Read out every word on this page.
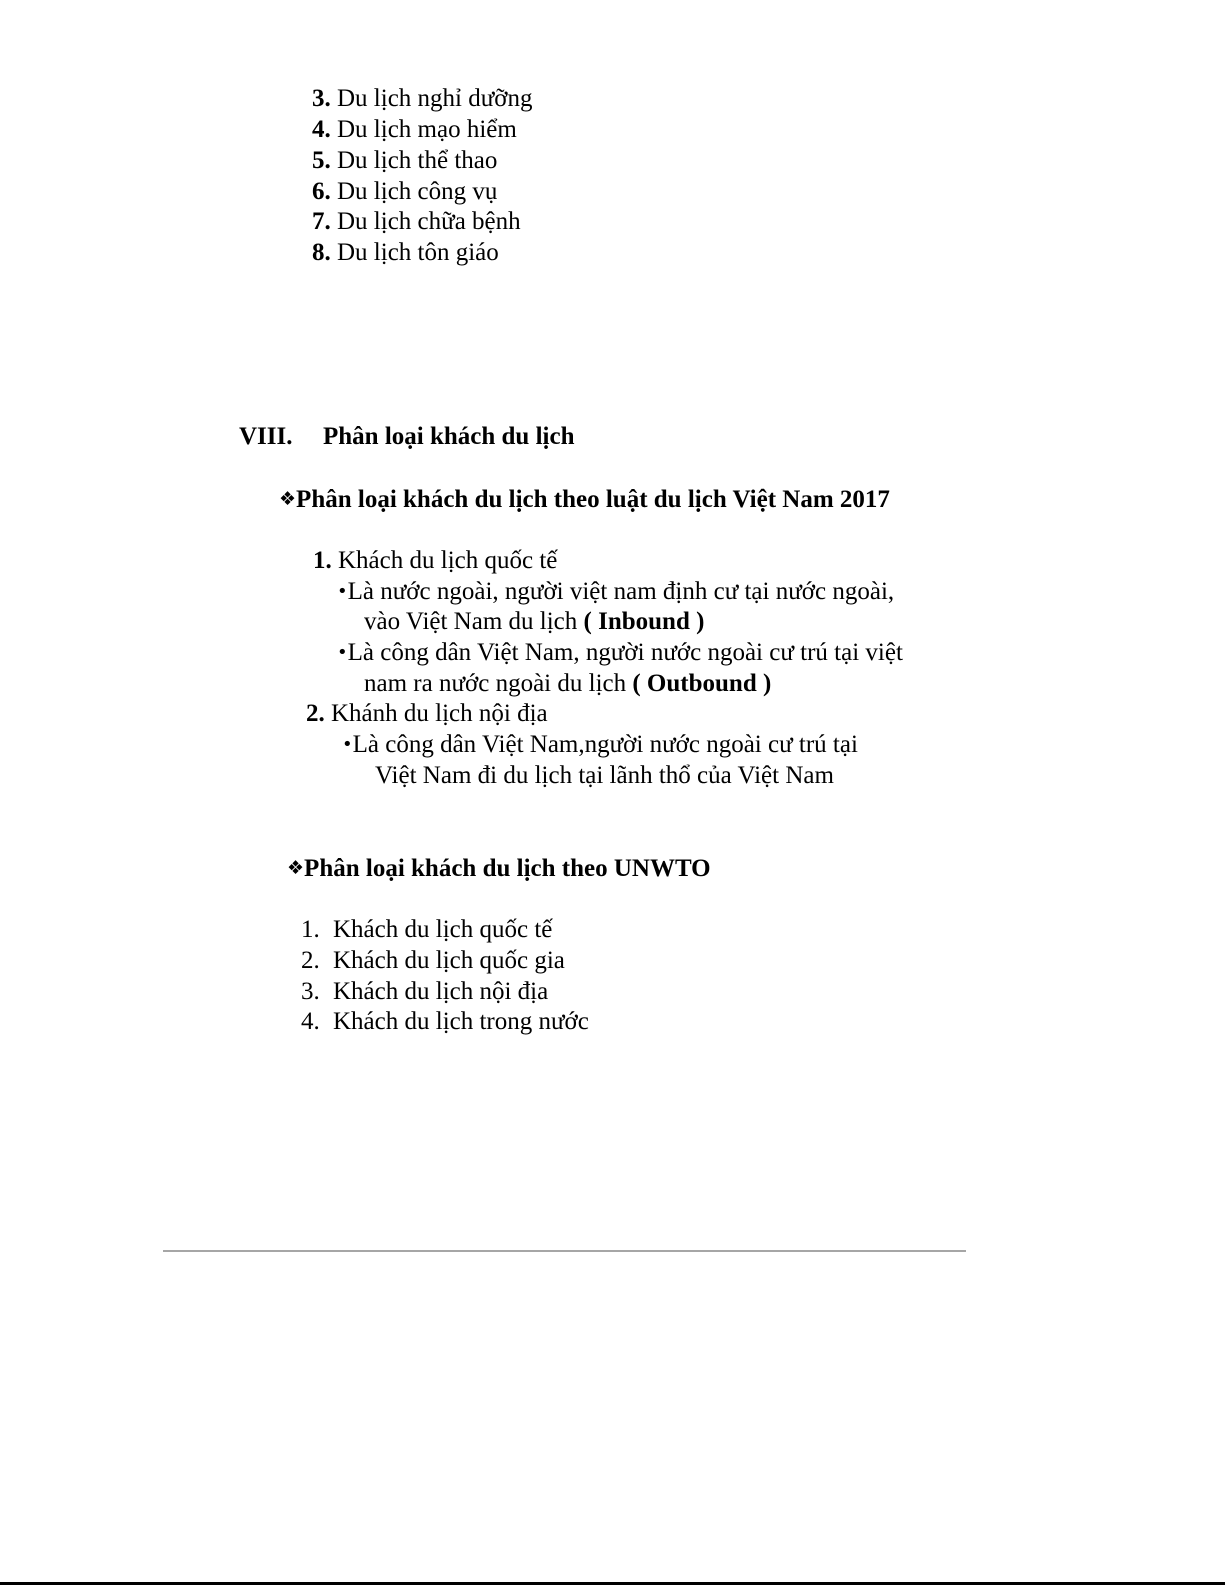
3. Du lịch nghỉ dưỡng
4. Du lịch mạo hiểm
5. Du lịch thể thao
6. Du lịch công vụ
7. Du lịch chữa bệnh
8. Du lịch tôn giáo
VIII. Phân loại khách du lịch
❖Phân loại khách du lịch theo luật du lịch Việt Nam 2017
1. Khách du lịch quốc tế
•Là nước ngoài, người việt nam định cư tại nước ngoài,
vào Việt Nam du lịch ( Inbound )
•Là công dân Việt Nam, người nước ngoài cư trú tại việt
nam ra nước ngoài du lịch ( Outbound )
2. Khánh du lịch nội địa
•Là công dân Việt Nam,người nước ngoài cư trú tại
Việt Nam đi du lịch tại lãnh thổ của Việt Nam
❖Phân loại khách du lịch theo UNWTO
1. Khách du lịch quốc tế
2. Khách du lịch quốc gia
3. Khách du lịch nội địa
4. Khách du lịch trong nước
